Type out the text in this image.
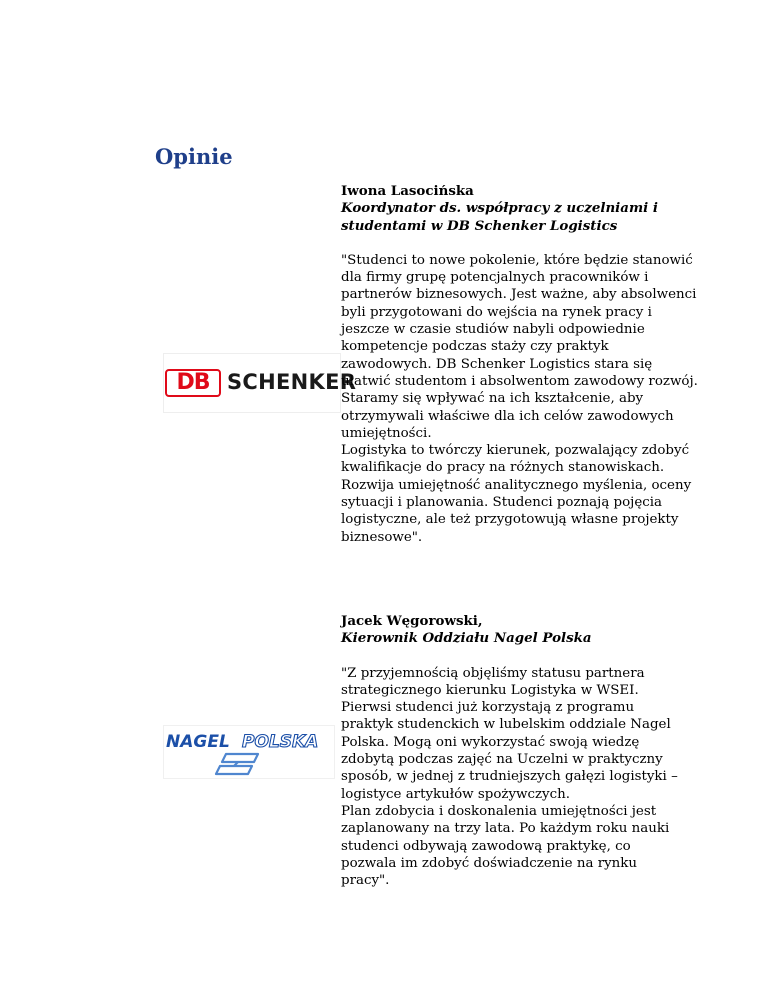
Opinie
DB SCHENKER
Iwona Lasocińska
Koordynator ds. współpracy z uczelniami i studentami w DB Schenker Logistics

"Studenci to nowe pokolenie, które będzie stanowić dla firmy grupę potencjalnych pracowników i partnerów biznesowych. Jest ważne, aby absolwenci byli przygotowani do wejścia na rynek pracy i jeszcze w czasie studiów nabyli odpowiednie kompetencje podczas staży czy praktyk zawodowych. DB Schenker Logistics stara się ułatwić studentom i absolwentom zawodowy rozwój. Staramy się wpływać na ich kształcenie, aby otrzymywali właściwe dla ich celów zawodowych umiejętności.

Logistyka to twórczy kierunek, pozwalający zdobyć kwalifikacje do pracy na różnych stanowiskach. Rozwija umiejętność analitycznego myślenia, oceny sytuacji i planowania. Studenci poznają pojęcia logistyczne, ale też przygotowują własne projekty biznesowe".

NAGEL POLSKA
Jacek Węgorowski,
Kierownik Oddziału Nagel Polska

"Z przyjemnością objęliśmy statusu partnera strategicznego kierunku Logistyka w WSEI. Pierwsi studenci już korzystają z programu praktyk studenckich w lubelskim oddziale Nagel Polska. Mogą oni wykorzystać swoją wiedzę zdobytą podczas zajęć na Uczelni w praktyczny sposób, w jednej z trudniejszych gałęzi logistyki – logistyce artykułów spożywczych.

Plan zdobycia i doskonalenia umiejętności jest zaplanowany na trzy lata. Po każdym roku nauki studenci odbywają zawodową praktykę, co pozwala im zdobyć doświadczenie na rynku pracy".
